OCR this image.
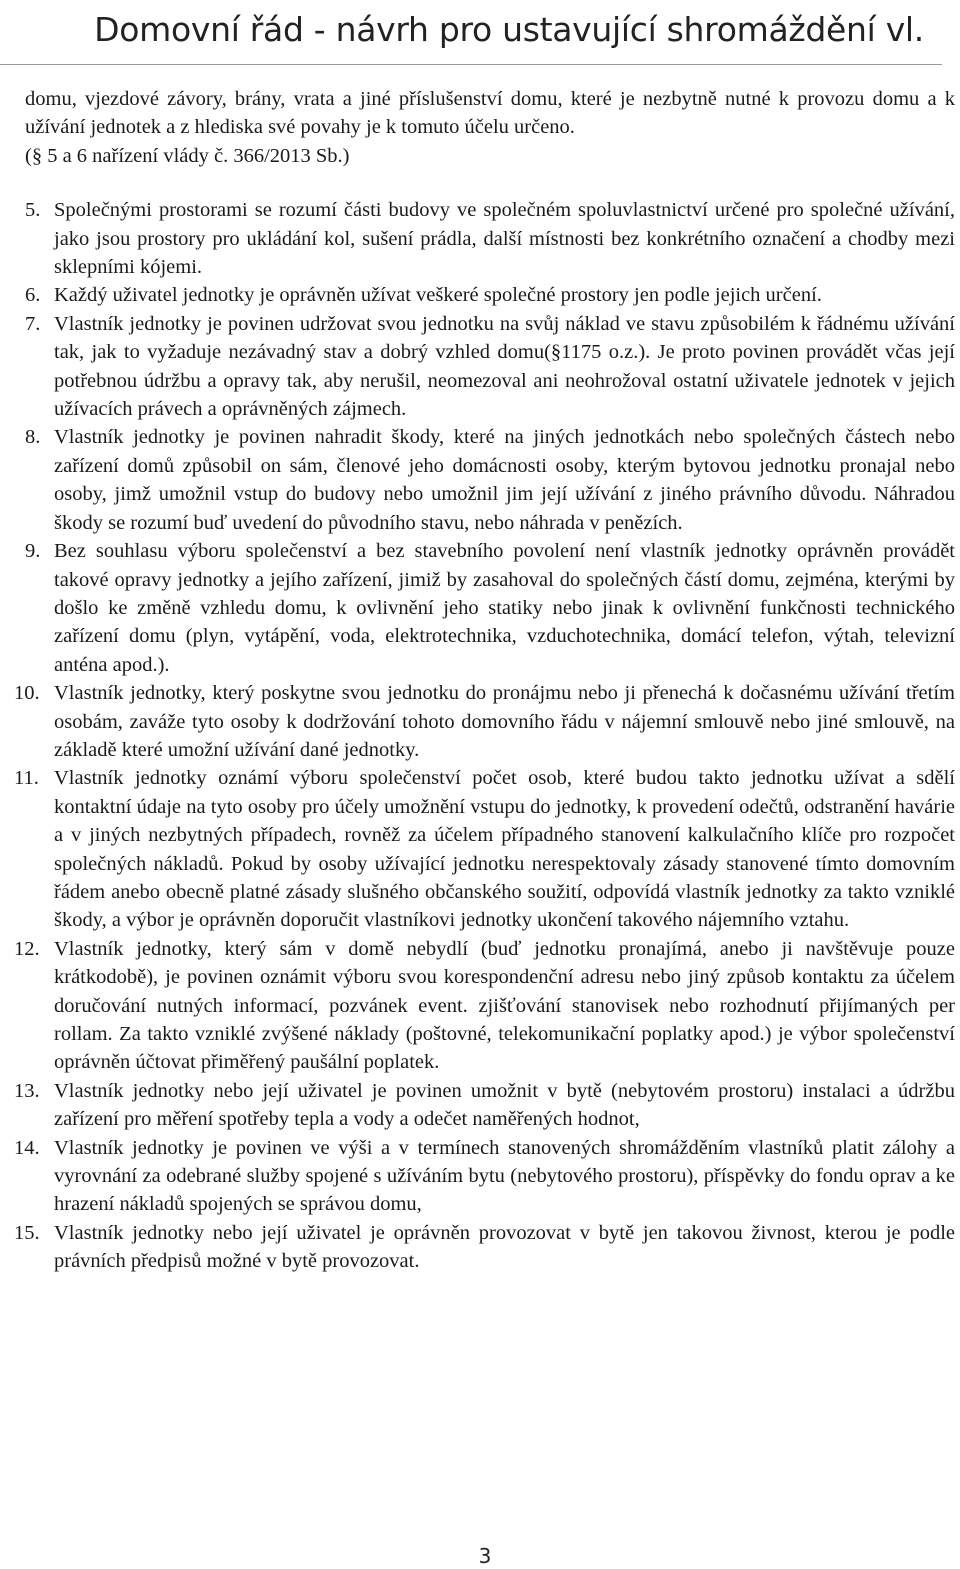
Domovní řád - návrh pro ustavující shromáždění vl.
domu, vjezdové závory, brány, vrata a jiné příslušenství domu, které je nezbytně nutné k provozu domu a k užívání jednotek a z hlediska své povahy je k tomuto účelu určeno.
(§ 5 a 6 nařízení vlády č. 366/2013 Sb.)
5. Společnými prostorami se rozumí části budovy ve společném spoluvlastnictví určené pro společné užívání, jako jsou prostory pro ukládání kol, sušení prádla, další místnosti bez konkrétního označení a chodby mezi sklepními kójemi.
6. Každý uživatel jednotky je oprávněn užívat veškeré společné prostory jen podle jejich určení.
7. Vlastník jednotky je povinen udržovat svou jednotku na svůj náklad ve stavu způsobilém k řádnému užívání tak, jak to vyžaduje nezávadný stav a dobrý vzhled domu(§1175 o.z.). Je proto povinen provádět včas její potřebnou údržbu a opravy tak, aby nerušil, neomezoval ani neohrožoval ostatní uživatele jednotek v jejich užívacích právech a oprávněných zájmech.
8. Vlastník jednotky je povinen nahradit škody, které na jiných jednotkách nebo společných částech nebo zařízení domů způsobil on sám, členové jeho domácnosti osoby, kterým bytovou jednotku pronajal nebo osoby, jimž umožnil vstup do budovy nebo umožnil jim její užívání z jiného právního důvodu. Náhradou škody se rozumí buď uvedení do původního stavu, nebo náhrada v penězích.
9. Bez souhlasu výboru společenství a bez stavebního povolení není vlastník jednotky oprávněn provádět takové opravy jednotky a jejího zařízení, jimiž by zasahoval do společných částí domu, zejména, kterými by došlo ke změně vzhledu domu, k ovlivnění jeho statiky nebo jinak k ovlivnění funkčnosti technického zařízení domu (plyn, vytápění, voda, elektrotechnika, vzduchotechnika, domácí telefon, výtah, televizní anténa apod.).
10. Vlastník jednotky, který poskytne svou jednotku do pronájmu nebo ji přenechá k dočasnému užívání třetím osobám, zaváže tyto osoby k dodržování tohoto domovního řádu v nájemní smlouvě nebo jiné smlouvě, na základě které umožní užívání dané jednotky.
11. Vlastník jednotky oznámí výboru společenství počet osob, které budou takto jednotku užívat a sdělí kontaktní údaje na tyto osoby pro účely umožnění vstupu do jednotky, k provedení odečtů, odstranění havárie a v jiných nezbytných případech, rovněž za účelem případného stanovení kalkulačního klíče pro rozpočet společných nákladů. Pokud by osoby užívající jednotku nerespektovaly zásady stanovené tímto domovním řádem anebo obecně platné zásady slušného občanského soužití, odpovídá vlastník jednotky za takto vzniklé škody, a výbor je oprávněn doporučit vlastníkovi jednotky ukončení takového nájemního vztahu.
12. Vlastník jednotky, který sám v domě nebydlí (buď jednotku pronajímá, anebo ji navštěvuje pouze krátkodobě), je povinen oznámit výboru svou korespondenční adresu nebo jiný způsob kontaktu za účelem doručování nutných informací, pozvánek event. zjišťování stanovisek nebo rozhodnutí přijímaných per rollam. Za takto vzniklé zvýšené náklady (poštovné, telekomunikační poplatky apod.) je výbor společenství oprávněn účtovat přiměřený paušální poplatek.
13. Vlastník jednotky nebo její uživatel je povinen umožnit v bytě (nebytovém prostoru) instalaci a údržbu zařízení pro měření spotřeby tepla a vody a odečet naměřených hodnot,
14. Vlastník jednotky je povinen ve výši a v termínech stanovených shromážděním vlastníků platit zálohy a vyrovnání za odebrané služby spojené s užíváním bytu (nebytového prostoru), příspěvky do fondu oprav a ke hrazení nákladů spojených se správou domu,
15. Vlastník jednotky nebo její uživatel je oprávněn provozovat v bytě jen takovou živnost, kterou je podle právních předpisů možné v bytě provozovat.
3
